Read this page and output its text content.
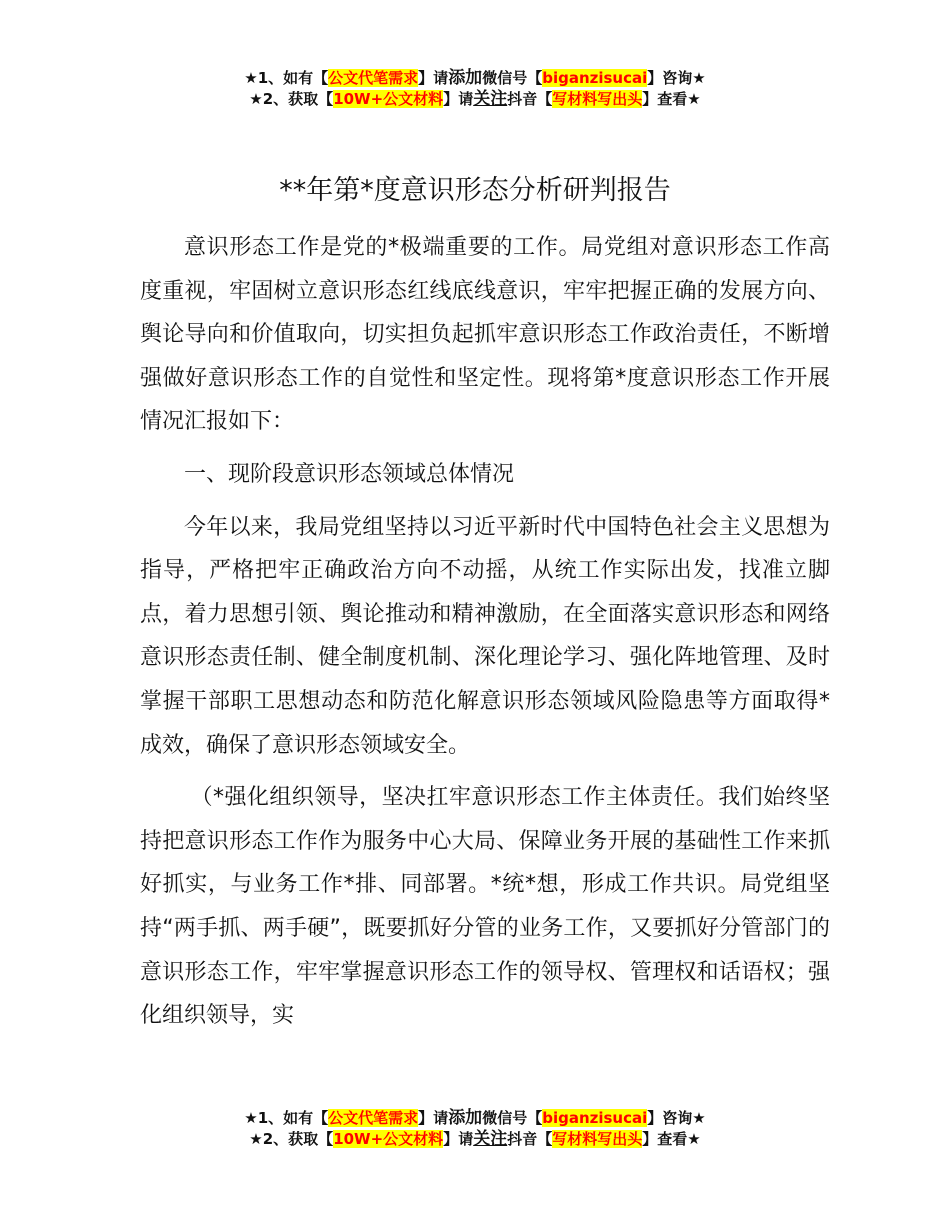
★1、如有【公文代笔需求】请添加微信号【biganzisucai】咨询★
★2、获取【10W+公文材料】请关注抖音【写材料写出头】查看★
**年第*度意识形态分析研判报告

意识形态工作是党的*极端重要的工作。局党组对意识形态工作高度重视，牢固树立意识形态红线底线意识，牢牢把握正确的发展方向、舆论导向和价值取向，切实担负起抓牢意识形态工作政治责任，不断增强做好意识形态工作的自觉性和坚定性。现将第*度意识形态工作开展情况汇报如下：

一、现阶段意识形态领域总体情况

今年以来，我局党组坚持以习近平新时代中国特色社会主义思想为指导，严格把牢正确政治方向不动摇，从统工作实际出发，找准立脚点，着力思想引领、舆论推动和精神激励，在全面落实意识形态和网络意识形态责任制、健全制度机制、深化理论学习、强化阵地管理、及时掌握干部职工思想动态和防范化解意识形态领域风险隐患等方面取得*成效，确保了意识形态领域安全。

（*强化组织领导，坚决扛牢意识形态工作主体责任。我们始终坚持把意识形态工作作为服务中心大局、保障业务开展的基础性工作来抓好抓实，与业务工作*排、同部署。*统*想，形成工作共识。局党组坚持“两手抓、两手硬”，既要抓好分管的业务工作，又要抓好分管部门的意识形态工作，牢牢掌握意识形态工作的领导权、管理权和话语权；强化组织领导，实

★1、如有【公文代笔需求】请添加微信号【biganzisucai】咨询★
★2、获取【10W+公文材料】请关注抖音【写材料写出头】查看★
